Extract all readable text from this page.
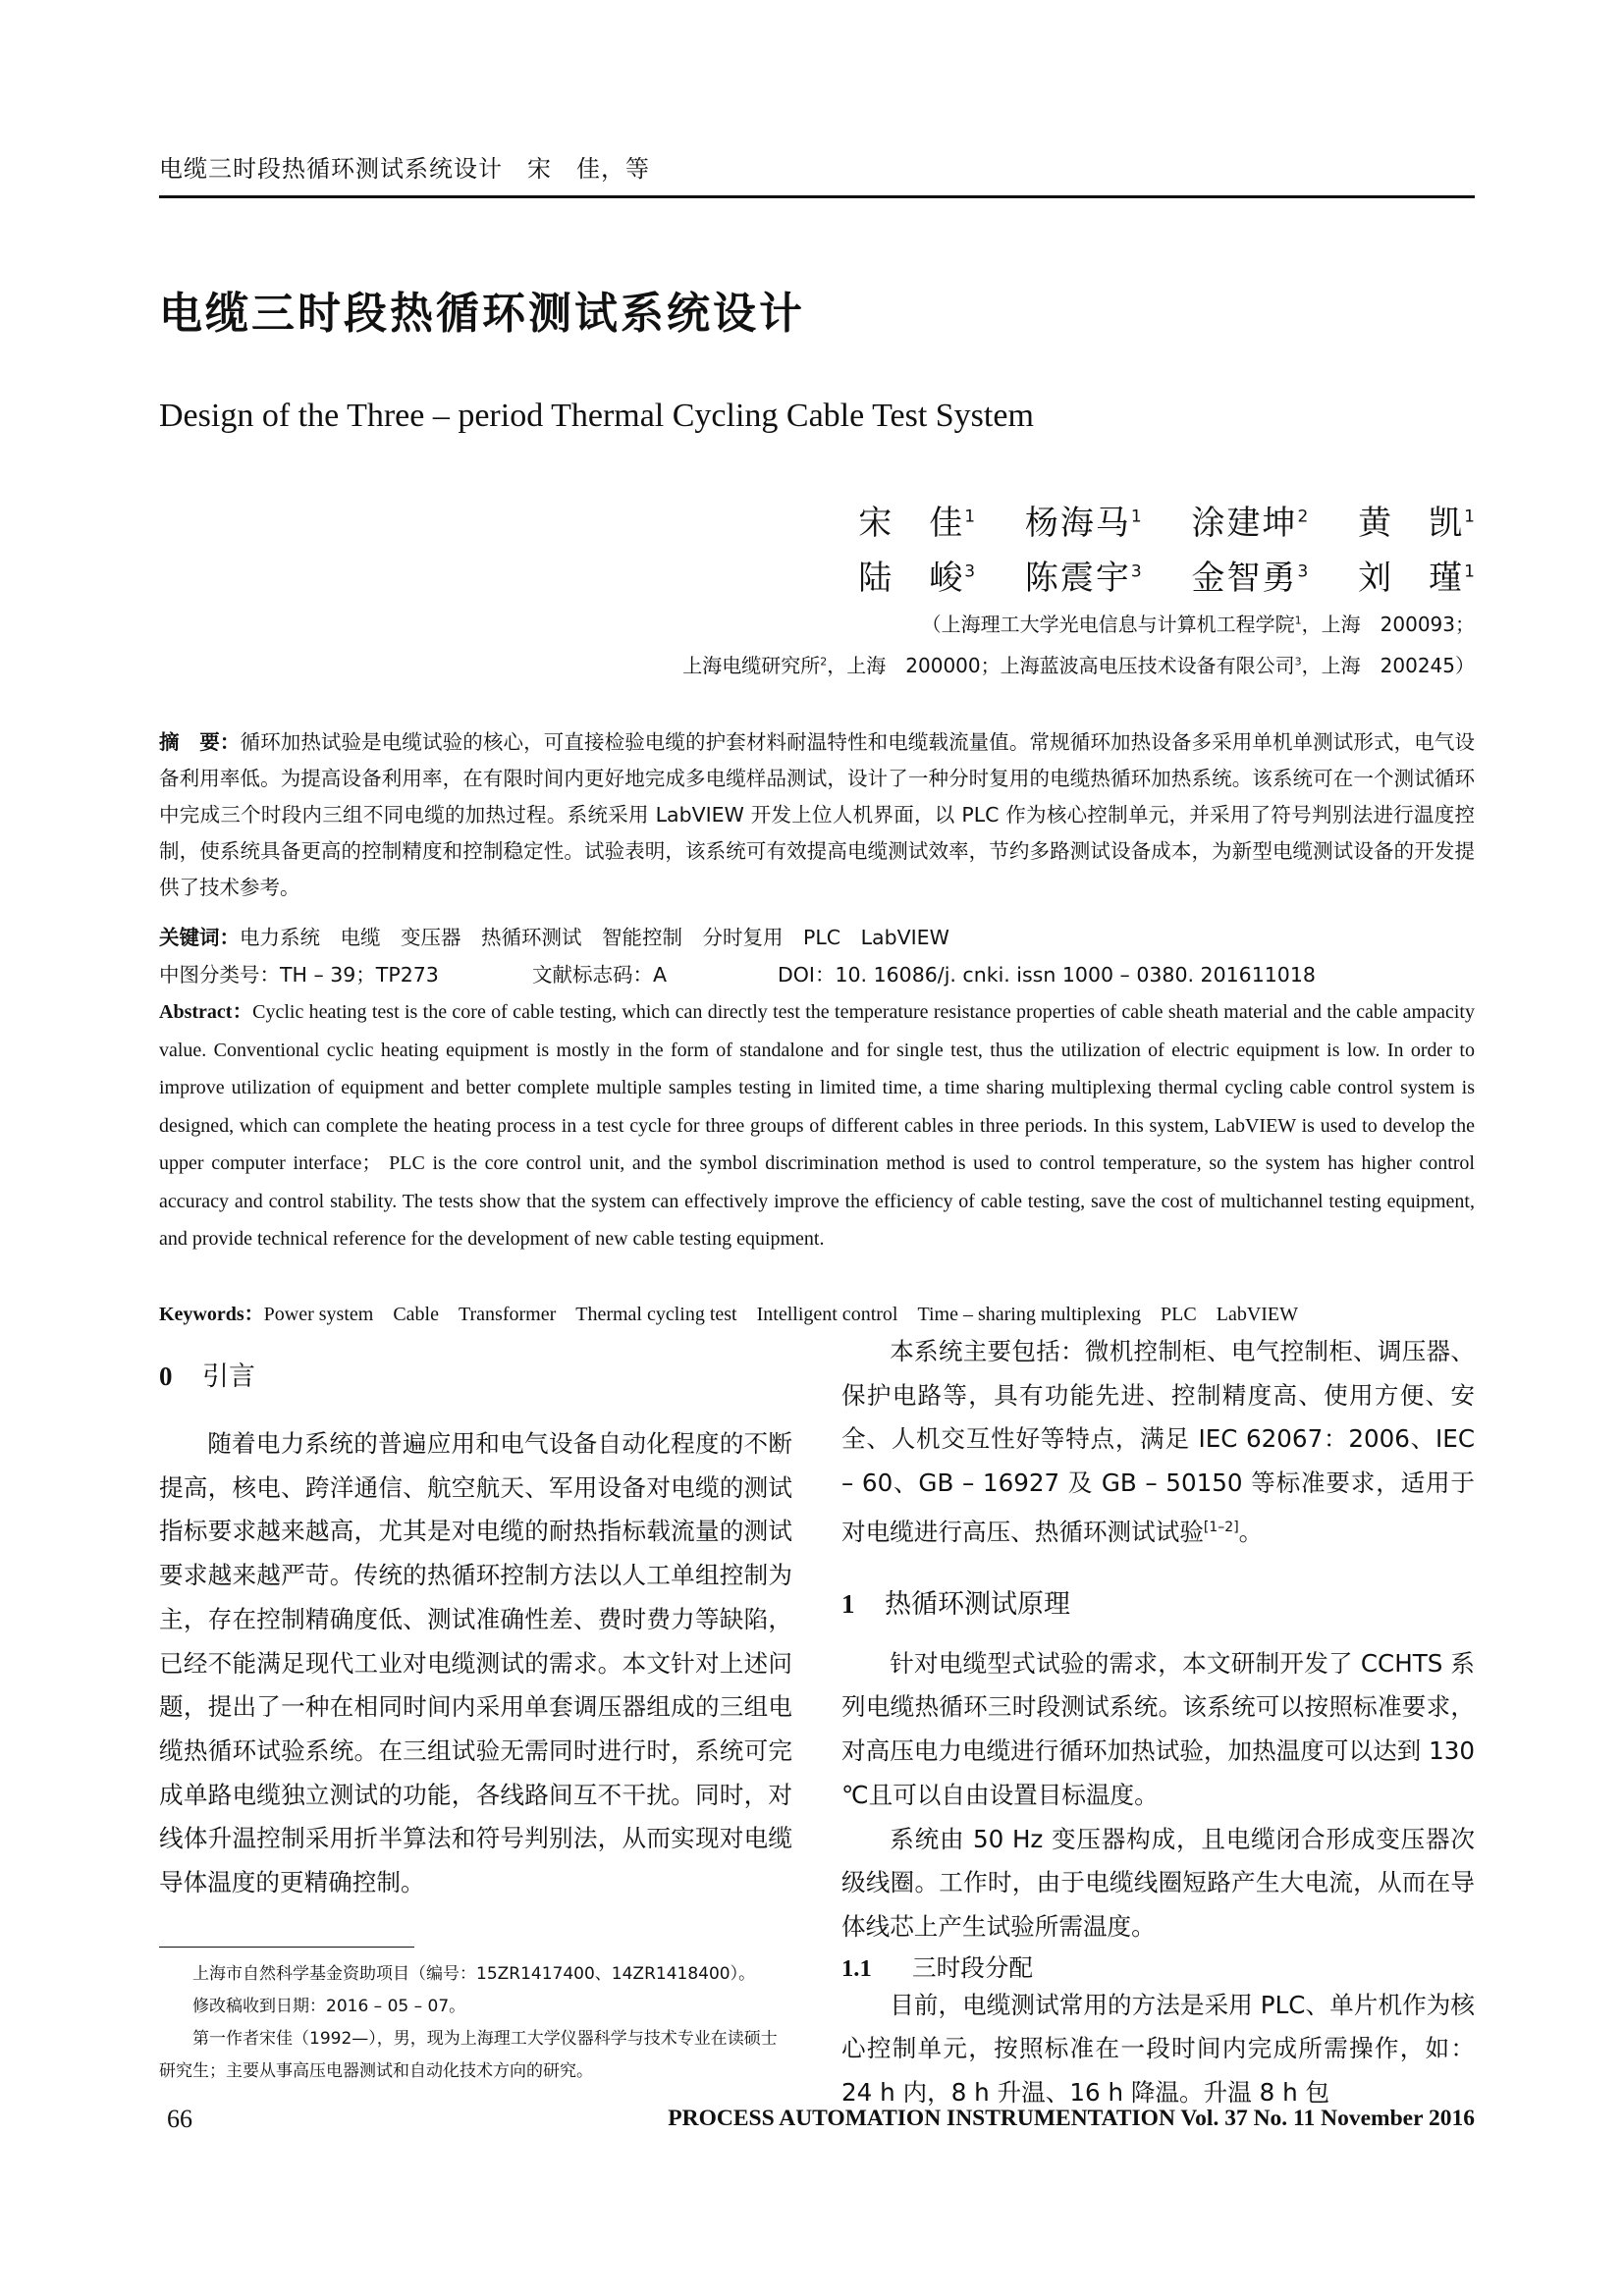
电缆三时段热循环测试系统设计　宋　佳，等
电缆三时段热循环测试系统设计
Design of the Three – period Thermal Cycling Cable Test System
宋　佳$^1$ 杨海马$^1$ 涂建坤$^2$ 黄　凯$^1$
陆　峻$^3$ 陈震宇$^3$ 金智勇$^3$ 刘　瑾$^1$
（上海理工大学光电信息与计算机工程学院$^1$，上海　200093；
上海电缆研究所$^2$，上海　200000；上海蓝波高电压技术设备有限公司$^3$，上海　200245）
摘　要：循环加热试验是电缆试验的核心，可直接检验电缆的护套材料耐温特性和电缆载流量值。常规循环加热设备多采用单机单测试形式，电气设备利用率低。为提高设备利用率，在有限时间内更好地完成多电缆样品测试，设计了一种分时复用的电缆热循环加热系统。该系统可在一个测试循环中完成三个时段内三组不同电缆的加热过程。系统采用 LabVIEW 开发上位人机界面，以 PLC 作为核心控制单元，并采用了符号判别法进行温度控制，使系统具备更高的控制精度和控制稳定性。试验表明，该系统可有效提高电缆测试效率，节约多路测试设备成本，为新型电缆测试设备的开发提供了技术参考。
关键词：电力系统　电缆　变压器　热循环测试　智能控制　分时复用　PLC　LabVIEW
中图分类号：TH – 39；TP273	文献标志码：A	DOI：10. 16086/j. cnki. issn 1000 – 0380. 201611018
Abstract：Cyclic heating test is the core of cable testing, which can directly test the temperature resistance properties of cable sheath material and the cable ampacity value. Conventional cyclic heating equipment is mostly in the form of standalone and for single test, thus the utilization of electric equipment is low. In order to improve utilization of equipment and better complete multiple samples testing in limited time, a time sharing multiplexing thermal cycling cable control system is designed, which can complete the heating process in a test cycle for three groups of different cables in three periods. In this system, LabVIEW is used to develop the upper computer interface； PLC is the core control unit, and the symbol discrimination method is used to control temperature, so the system has higher control accuracy and control stability. The tests show that the system can effectively improve the efficiency of cable testing, save the cost of multichannel testing equipment, and provide technical reference for the development of new cable testing equipment.
Keywords：Power system　Cable　Transformer　Thermal cycling test　Intelligent control　Time – sharing multiplexing　PLC　LabVIEW
0 引言

随着电力系统的普遍应用和电气设备自动化程度的不断提高，核电、跨洋通信、航空航天、军用设备对电缆的测试指标要求越来越高，尤其是对电缆的耐热指标载流量的测试要求越来越严苛。传统的热循环控制方法以人工单组控制为主，存在控制精确度低、测试准确性差、费时费力等缺陷，已经不能满足现代工业对电缆测试的需求。本文针对上述问题，提出了一种在相同时间内采用单套调压器组成的三组电缆热循环试验系统。在三组试验无需同时进行时，系统可完成单路电缆独立测试的功能，各线路间互不干扰。同时，对线体升温控制采用折半算法和符号判别法，从而实现对电缆导体温度的更精确控制。

本系统主要包括：微机控制柜、电气控制柜、调压器、保护电路等，具有功能先进、控制精度高、使用方便、安全、人机交互性好等特点，满足 IEC 62067：2006、IEC – 60、GB – 16927 及 GB – 50150 等标准要求，适用于对电缆进行高压、热循环测试试验[1–2]。

1 热循环测试原理

针对电缆型式试验的需求，本文研制开发了 CCHTS 系列电缆热循环三时段测试系统。该系统可以按照标准要求，对高压电力电缆进行循环加热试验，加热温度可以达到 130 ℃且可以自由设置目标温度。

系统由 50 Hz 变压器构成，且电缆闭合形成变压器次级线圈。工作时，由于电缆线圈短路产生大电流，从而在导体线芯上产生试验所需温度。

1.1 三时段分配

目前，电缆测试常用的方法是采用 PLC、单片机作为核心控制单元，按照标准在一段时间内完成所需操作，如：24 h 内，8 h 升温、16 h 降温。升温 8 h 包

上海市自然科学基金资助项目（编号：15ZR1417400、14ZR1418400）。

修改稿收到日期：2016 – 05 – 07。

第一作者宋佳（1992—），男，现为上海理工大学仪器科学与技术专业在读硕士研究生；主要从事高压电器测试和自动化技术方向的研究。

66	PROCESS AUTOMATION INSTRUMENTATION Vol. 37 No. 11 November 2016
